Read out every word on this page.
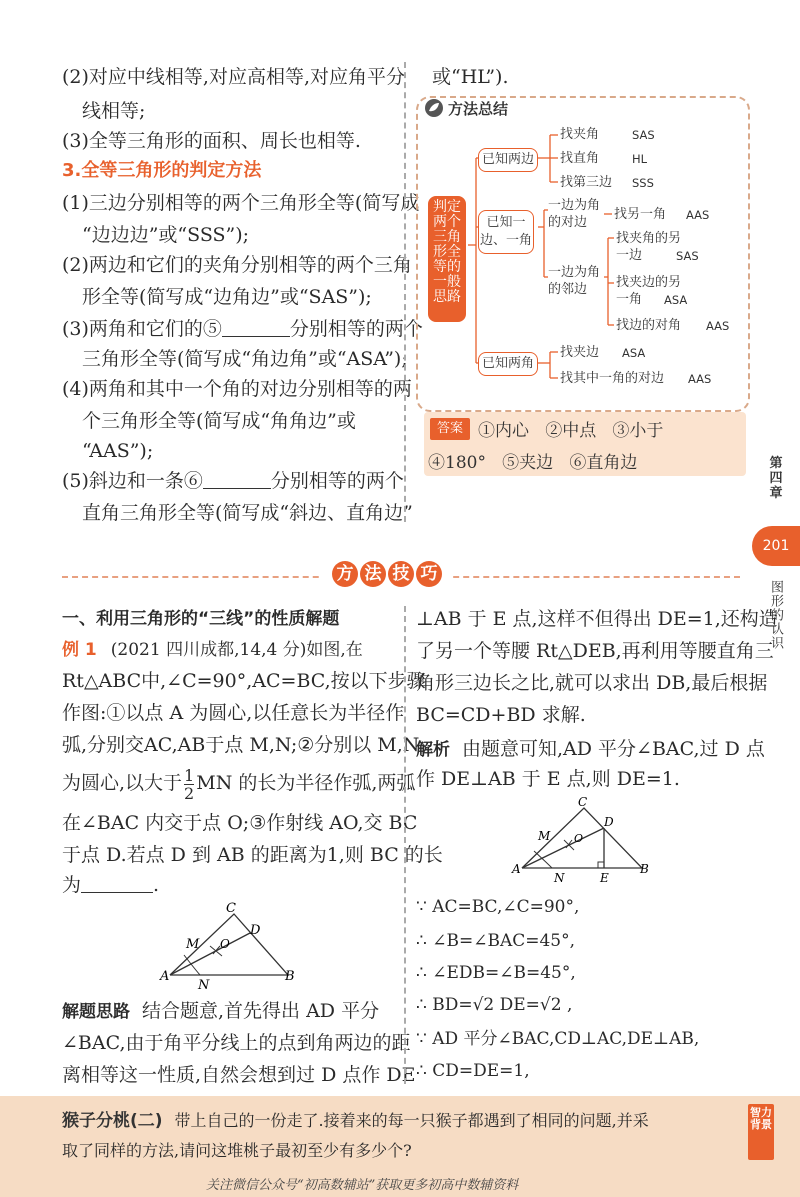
(2)对应中线相等,对应高相等,对应角平分
线相等;
(3)全等三角形的面积、周长也相等.
3.全等三角形的判定方法
(1)三边分别相等的两个三角形全等(简写成
“边边边”或“SSS”);
(2)两边和它们的夹角分别相等的两个三角
形全等(简写成“边角边”或“SAS”);
(3)两角和它们的⑤	分别相等的两个
三角形全等(简写成“角边角”或“ASA”);
(4)两角和其中一个角的对边分别相等的两
个三角形全等(简写成“角角边”或
“AAS”);
(5)斜边和一条⑥	分别相等的两个
直角三角形全等(简写成“斜边、直角边”
或“HL”).
方法总结
判定两个三角形全等的一般思路
已知两边
已知一边、一角
已知两角
找夹角	SAS
找直角	HL
找第三边 SSS
一边为角的对边
找另一角 AAS
一边为角的邻边
找夹角的另
一边	SAS
找夹边的另
一角 ASA
找边的对角 AAS
找夹边 ASA
找其中一角的对边 AAS
答案 ①内心   ②中点   ③小于
④180°   ⑤夹边   ⑥直角边	第四章
201
图形的认识
方 法 技 巧
一、利用三角形的“三线”的性质解题
例 1 (2021 四川成都,14,4 分)如图,在
Rt△ABC中,∠C=90°,AC=BC,按以下步骤
作图:①以点 A 为圆心,以任意长为半径作
弧,分别交AC,AB于点 M,N;②分别以 M,N
为圆心,以大于 $\frac{1}{2}$ MN 的长为半径作弧,两弧
在∠BAC 内交于点 O;③作射线 AO,交 BC
于点 D.若点 D 到 AB 的距离为1,则 BC 的长
为	.
A	B
C
D
M
N
O
解题思路 结合题意,首先得出 AD 平分
∠BAC,由于角平分线上的点到角两边的距
离相等这一性质,自然会想到过 D 点作 DE
⊥AB 于 E 点,这样不但得出 DE=1,还构造
了另一个等腰 Rt△DEB,再利用等腰直角三
角形三边长之比,就可以求出 DB,最后根据
BC=CD+BD 求解.
解析 由题意可知,AD 平分∠BAC,过 D 点
作 DE⊥AB 于 E 点,则 DE=1.
A	B
C
D
M
N
O
E
∵ AC=BC,∠C=90°,
∴ ∠B=∠BAC=45°,
∴ ∠EDB=∠B=45°,
∴ BD=√2 DE=√2 ,
∵ AD 平分∠BAC,CD⊥AC,DE⊥AB,
∴ CD=DE=1,
猴子分桃(二) 带上自己的一份走了.接着来的每一只猴子都遇到了相同的问题,并采
取了同样的方法,请问这堆桃子最初至少有多少个?
智力背景
关注微信公众号“初高数辅站”获取更多初高中数辅资料
